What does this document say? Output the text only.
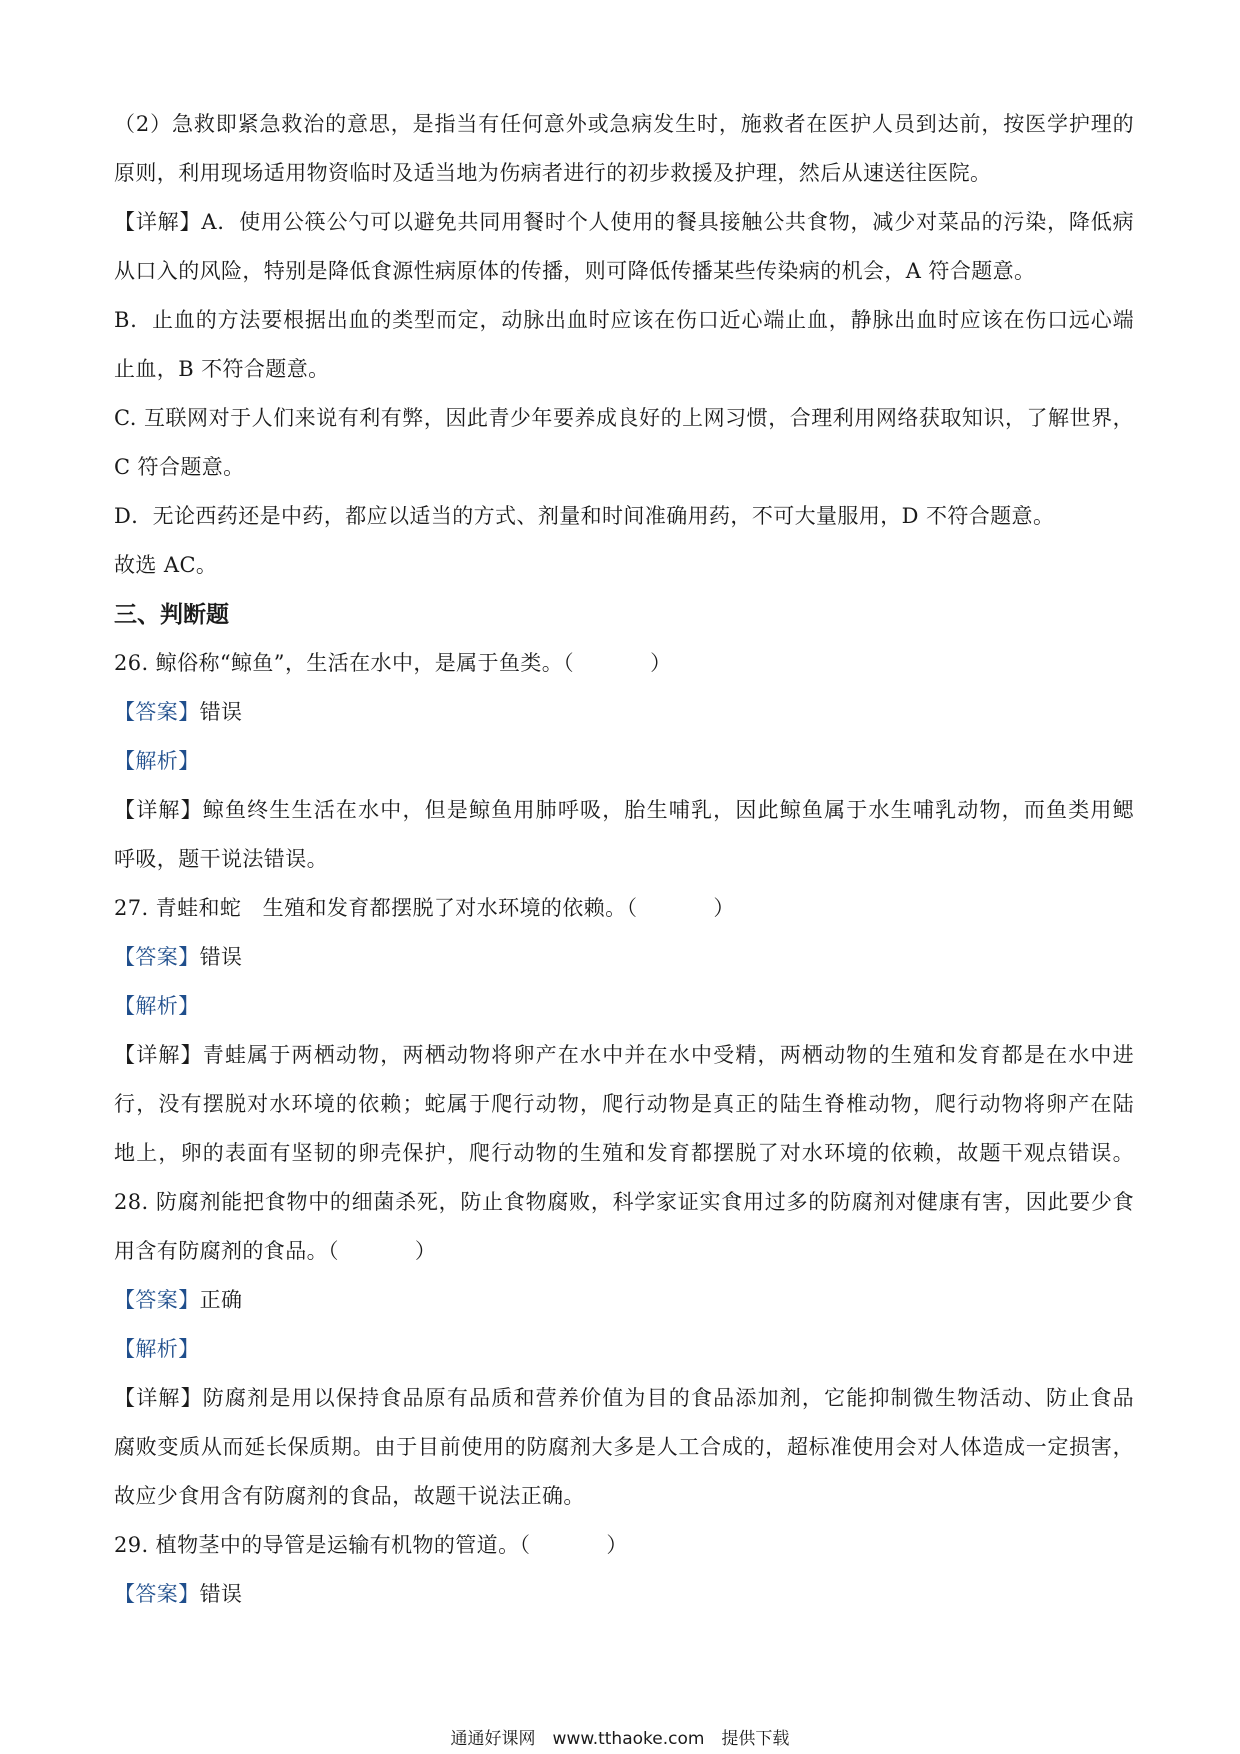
（2）急救即紧急救治的意思，是指当有任何意外或急病发生时，施救者在医护人员到达前，按医学护理的
原则，利用现场适用物资临时及适当地为伤病者进行的初步救援及护理，然后从速送往医院。
【详解】A．使用公筷公勺可以避免共同用餐时个人使用的餐具接触公共食物，减少对菜品的污染，降低病
从口入的风险，特别是降低食源性病原体的传播，则可降低传播某些传染病的机会，A 符合题意。
B．止血的方法要根据出血的类型而定，动脉出血时应该在伤口近心端止血，静脉出血时应该在伤口远心端
止血，B 不符合题意。
C. 互联网对于人们来说有利有弊，因此青少年要养成良好的上网习惯，合理利用网络获取知识，了解世界，
C 符合题意。
D．无论西药还是中药，都应以适当的方式、剂量和时间准确用药，不可大量服用，D 不符合题意。
故选 AC。
三、判断题
26. 鲸俗称“鲸鱼”，生活在水中，是属于鱼类。（	）
【答案】错误
【解析】
【详解】鲸鱼终生生活在水中，但是鲸鱼用肺呼吸，胎生哺乳，因此鲸鱼属于水生哺乳动物，而鱼类用鳃
呼吸，题干说法错误。
27. 青蛙和蛇　生殖和发育都摆脱了对水环境的依赖。（	）
【答案】错误
【解析】
【详解】青蛙属于两栖动物，两栖动物将卵产在水中并在水中受精，两栖动物的生殖和发育都是在水中进
行，没有摆脱对水环境的依赖；蛇属于爬行动物，爬行动物是真正的陆生脊椎动物，爬行动物将卵产在陆
地上，卵的表面有坚韧的卵壳保护，爬行动物的生殖和发育都摆脱了对水环境的依赖，故题干观点错误。
28. 防腐剂能把食物中的细菌杀死，防止食物腐败，科学家证实食用过多的防腐剂对健康有害，因此要少食
用含有防腐剂的食品。（	）
【答案】正确
【解析】
【详解】防腐剂是用以保持食品原有品质和营养价值为目的食品添加剂，它能抑制微生物活动、防止食品
腐败变质从而延长保质期。由于目前使用的防腐剂大多是人工合成的，超标准使用会对人体造成一定损害，
故应少食用含有防腐剂的食品，故题干说法正确。
29. 植物茎中的导管是运输有机物的管道。（	）
【答案】错误
通通好课网　www.tthaoke.com　提供下载
